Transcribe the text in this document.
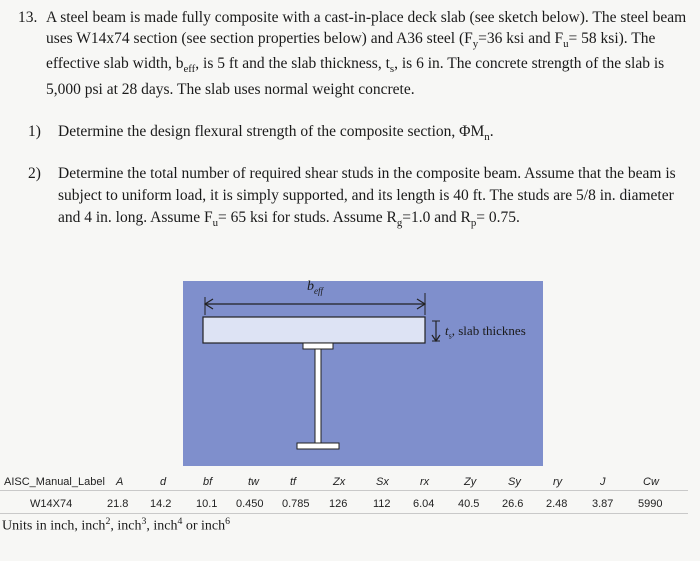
13. A steel beam is made fully composite with a cast-in-place deck slab (see sketch below). The steel beam uses W14x74 section (see section properties below) and A36 steel ($F_y=36$ ksi and $F_u= 58$ ksi). The effective slab width, $b_{eff}$, is 5 ft and the slab thickness, $t_s$, is 6 in. The concrete strength of the slab is 5,000 psi at 28 days. The slab uses normal weight concrete.
1) Determine the design flexural strength of the composite section, $\Phi M_n$.
2) Determine the total number of required shear studs in the composite beam. Assume that the beam is subject to uniform load, it is simply supported, and its length is 40 ft. The studs are 5/8 in. diameter and 4 in. long. Assume $F_u= 65$ ksi for studs. Assume $R_g=1.0$ and $R_p= 0.75$.
$b_{eff}$
$t_s$, slab thicknes
AISC_Manual_Label A	d	bf	tw	tf	Zx	Sx	rx	Zy	Sy	ry	J	Cw
W14X74	21.8 14.2 10.1 0.450 0.785 126 112 6.04 40.5 26.6 2.48 3.87 5990
Units in inch, inch$^2$, inch$^3$, inch$^4$ or inch$^6$
